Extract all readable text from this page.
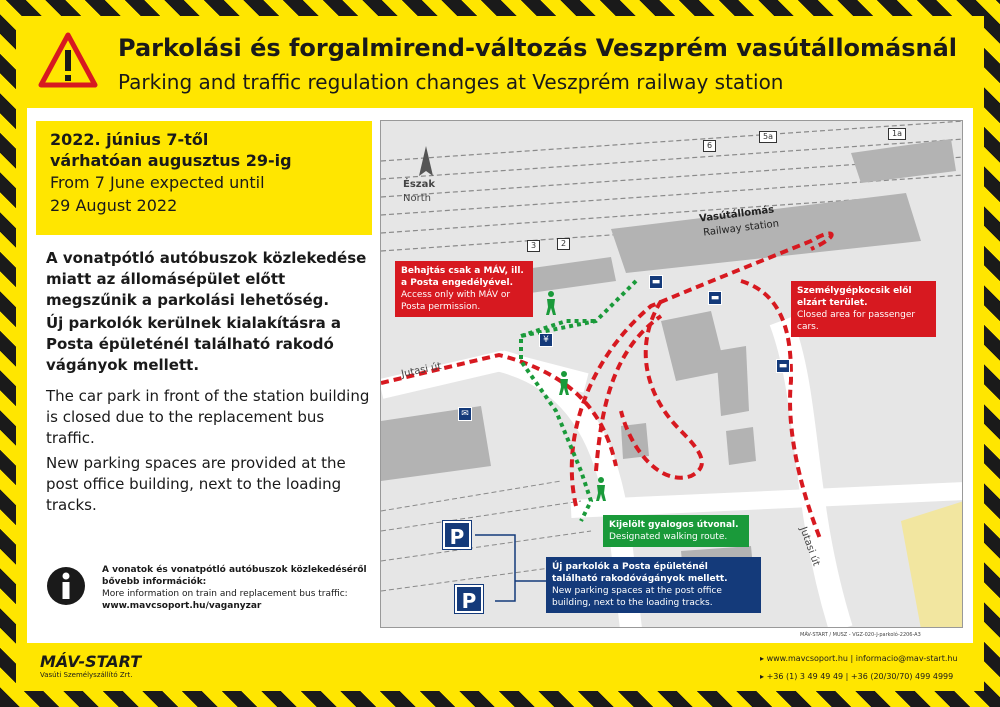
Parkolási és forgalmirend-változás Veszprém vasútállomásnál
Parking and traffic regulation changes at Veszprém railway station
2022. június 7-től
várhatóan augusztus 29-ig
From 7 June expected until
29 August 2022
A vonatpótló autóbuszok közlekedése miatt az állomásépület előtt megszűnik a parkolási lehetőség.
Új parkolók kerülnek kialakításra a Posta épületénél található rakodó vágányok mellett.
The car park in front of the station building is closed due to the replacement bus traffic.
New parking spaces are provided at the post office building, next to the loading tracks.
A vonatok és vonatpótló autóbuszok közlekedéséről bővebb információk:
More information on train and replacement bus traffic:
www.mavcsoport.hu/vaganyzar
Észak
North
Vasútállomás
Railway station
Jutasi út
Jutasi út
1a
5a
6
3	2
▬
▬
▬
¥
✉
P
P
Behajtás csak a MÁV, ill. a Posta engedélyével.
Access only with MÁV or Posta permission.
Személygépkocsik elől elzárt terület.
Closed area for passenger cars.
Kijelölt gyalogos útvonal.
Designated walking route.
Új parkolók a Posta épületénél található rakodóvágányok mellett.
New parking spaces at the post office building, next to the loading tracks.
MÁV-START / MUSZ - VGZ-020-J-parkoló-2206-A3
MÁV-START
Vasúti Személyszállító Zrt.
▸ www.mavcsoport.hu | informacio@mav-start.hu
▸ +36 (1) 3 49 49 49 | +36 (20/30/70) 499 4999
